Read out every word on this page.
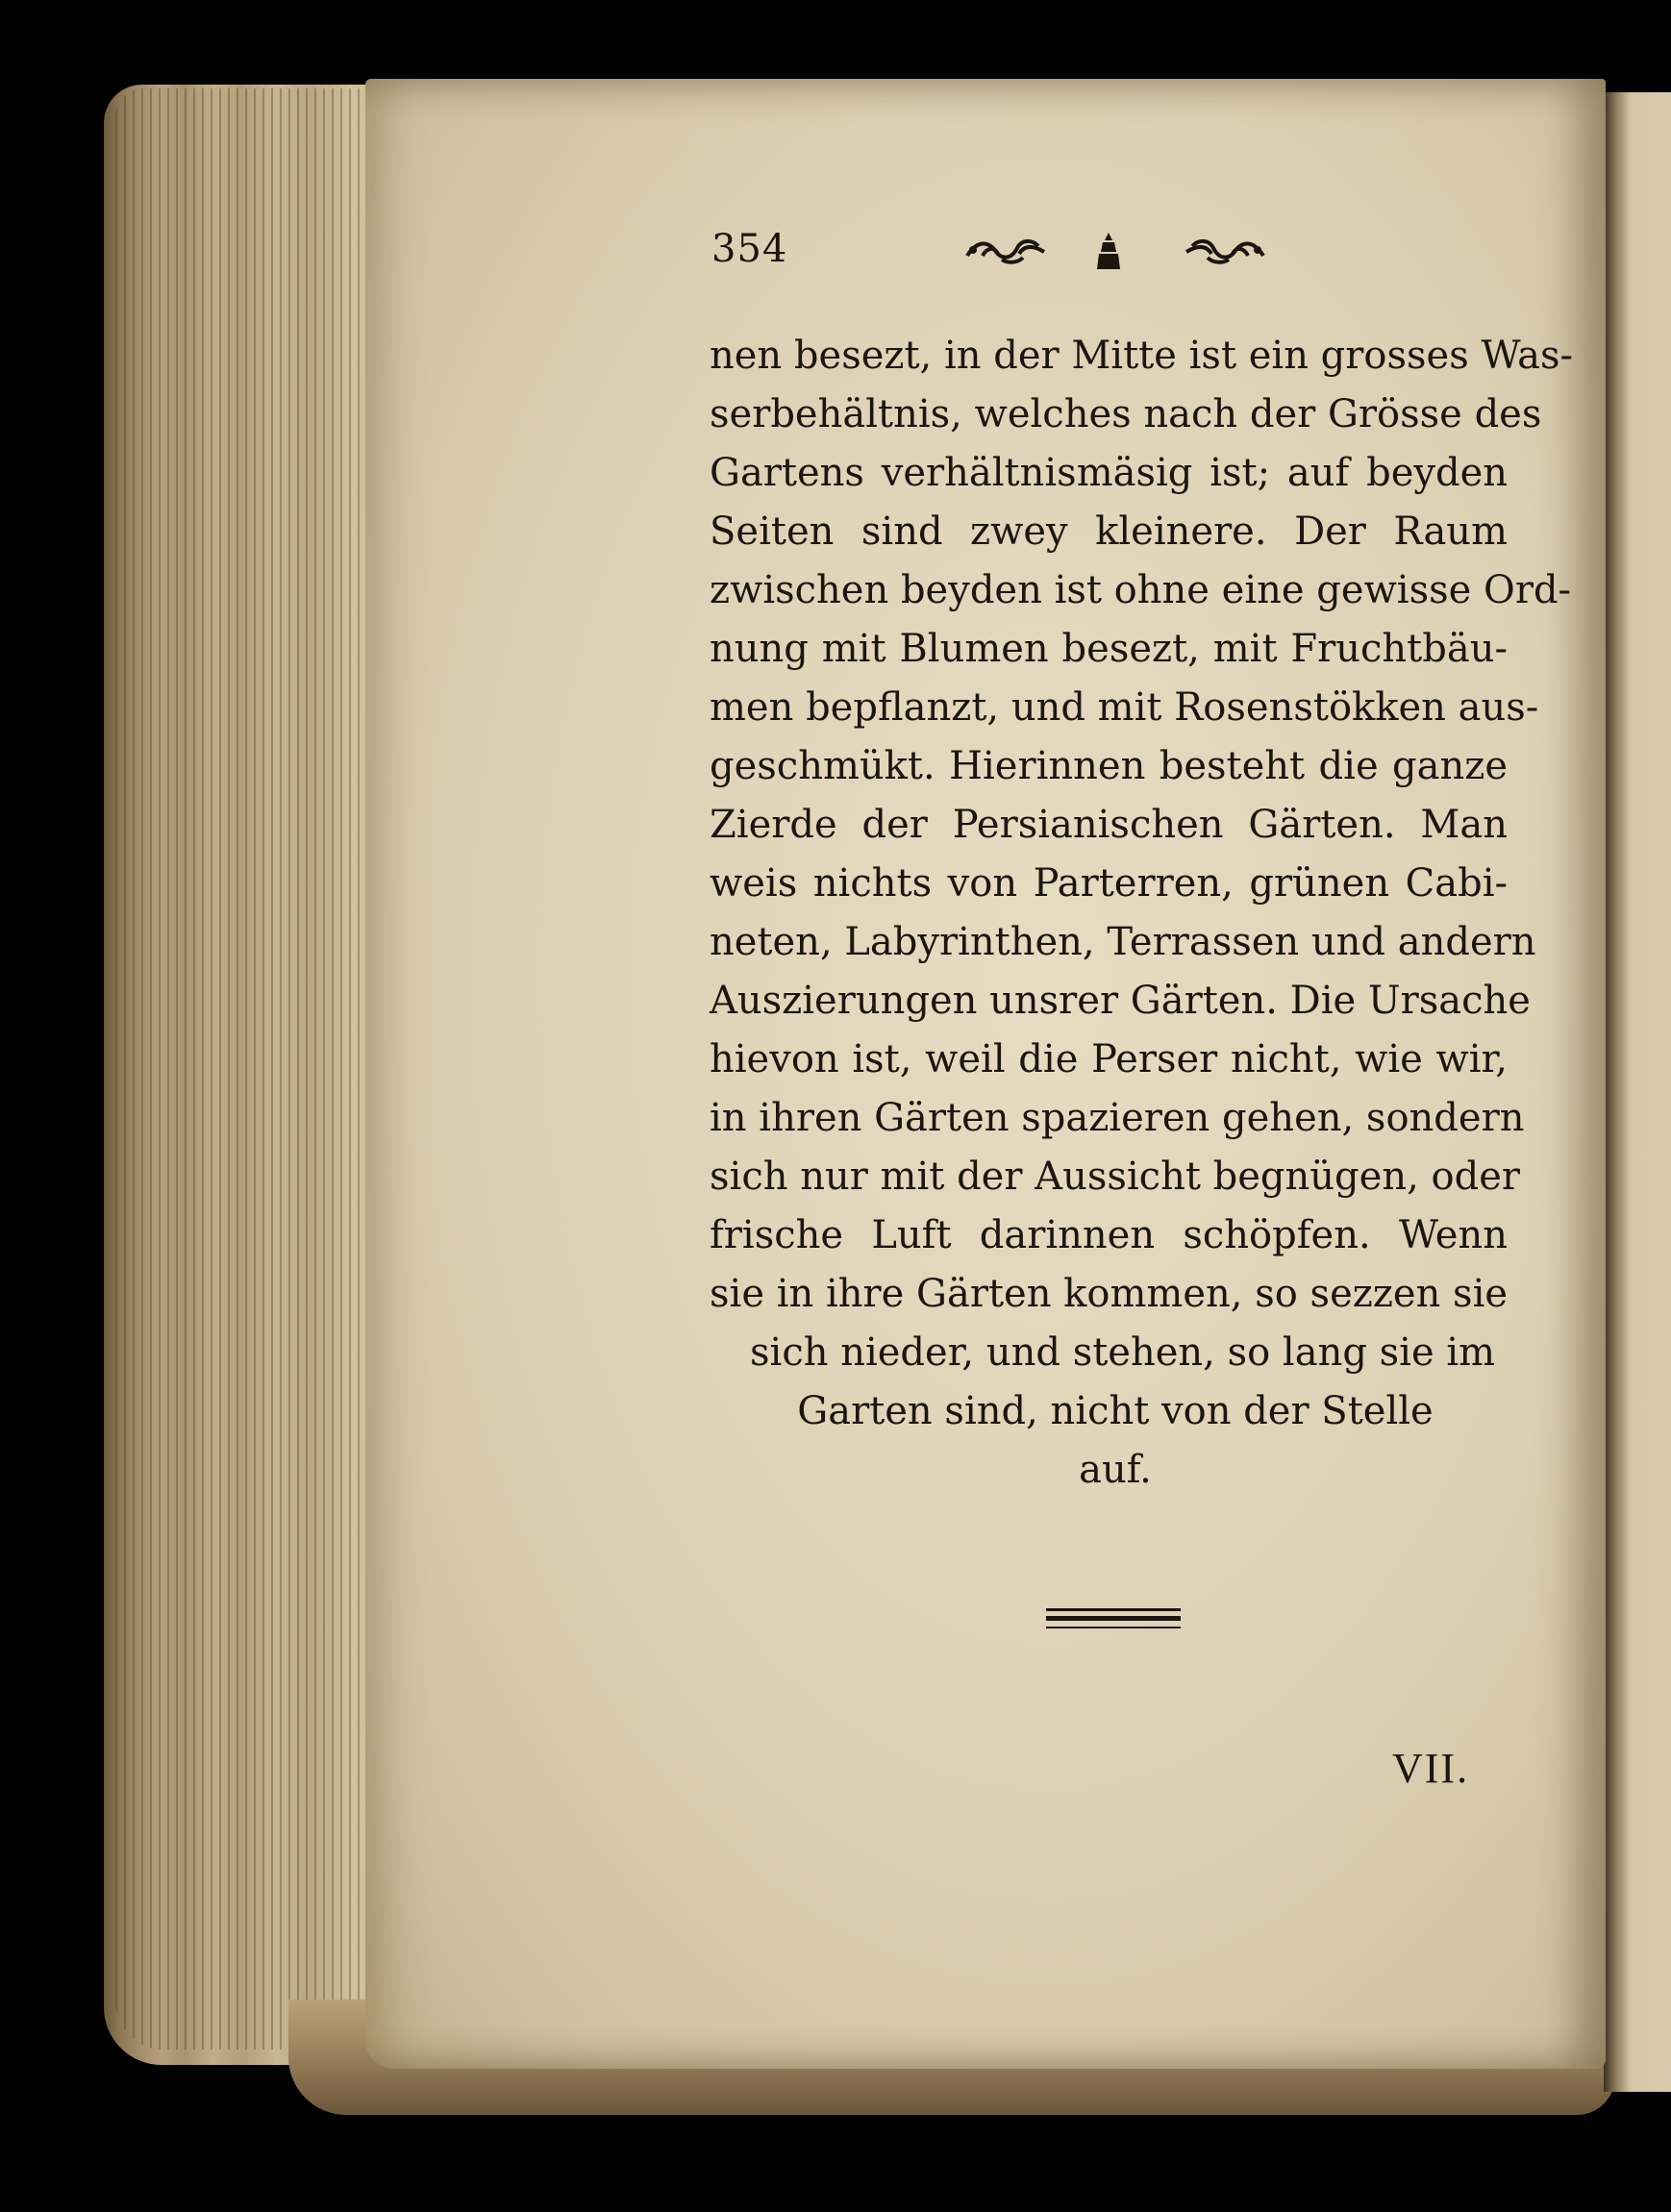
354
nen besezt, in der Mitte ist ein grosses Was-
serbehältnis, welches nach der Grösse des
Gartens verhältnismäsig ist; auf beyden
Seiten sind zwey kleinere. Der Raum
zwischen beyden ist ohne eine gewisse Ord-
nung mit Blumen besezt, mit Fruchtbäu-
men bepflanzt, und mit Rosenstökken aus-
geschmükt. Hierinnen besteht die ganze
Zierde der Persianischen Gärten. Man
weis nichts von Parterren, grünen Cabi-
neten, Labyrinthen, Terrassen und andern
Auszierungen unsrer Gärten. Die Ursache
hievon ist, weil die Perser nicht, wie wir,
in ihren Gärten spazieren gehen, sondern
sich nur mit der Aussicht begnügen, oder
frische Luft darinnen schöpfen. Wenn
sie in ihre Gärten kommen, so sezzen sie
sich nieder, und stehen, so lang sie im
Garten sind, nicht von der Stelle
auf.
VII.
